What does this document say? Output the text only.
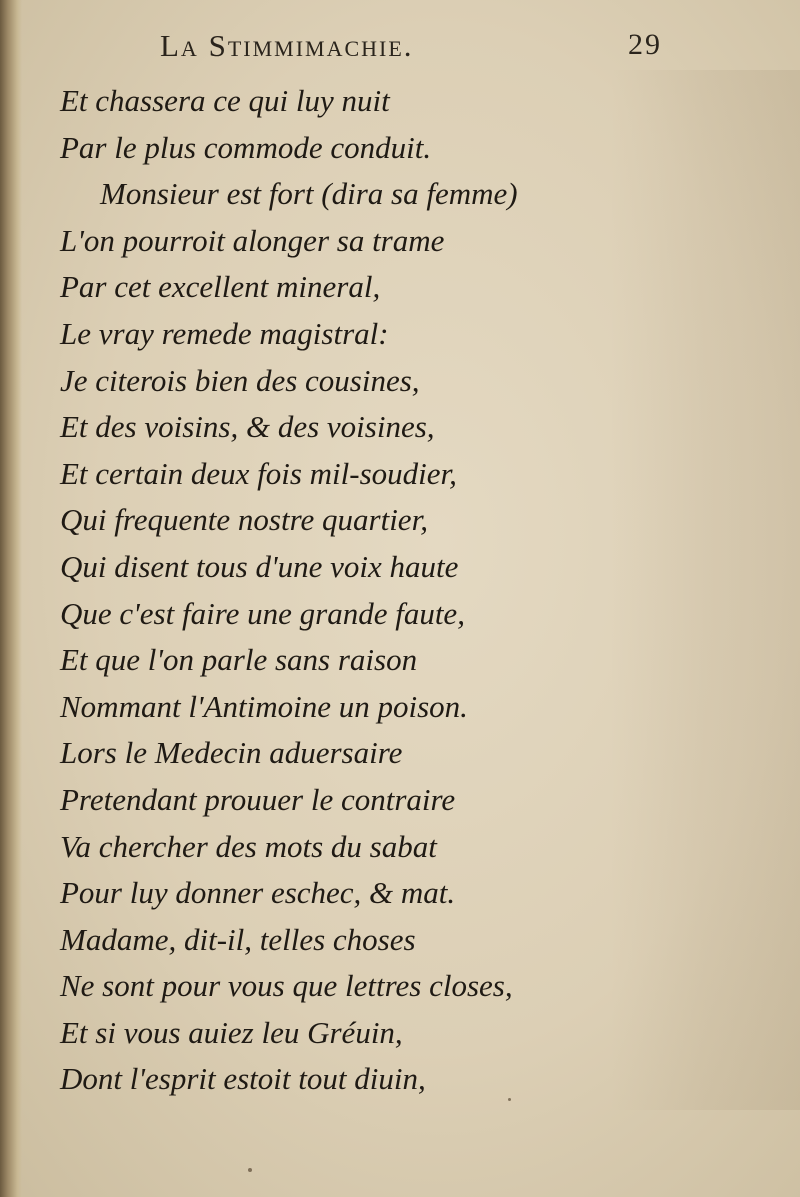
La Stimmimachie.	29
Et chassera ce qui luy nuit
Par le plus commode conduit.
Monsieur est fort (dira sa femme)
L'on pourroit alonger sa trame
Par cet excellent mineral,
Le vray remede magistral:
Je citerois bien des cousines,
Et des voisins, & des voisines,
Et certain deux fois mil-soudier,
Qui frequente nostre quartier,
Qui disent tous d'une voix haute
Que c'est faire une grande faute,
Et que l'on parle sans raison
Nommant l'Antimoine un poison.
Lors le Medecin aduersaire
Pretendant prouuer le contraire
Va chercher des mots du sabat
Pour luy donner eschec, & mat.
Madame, dit-il, telles choses
Ne sont pour vous que lettres closes,
Et si vous auiez leu Gréuin,
Dont l'esprit estoit tout diuin,
